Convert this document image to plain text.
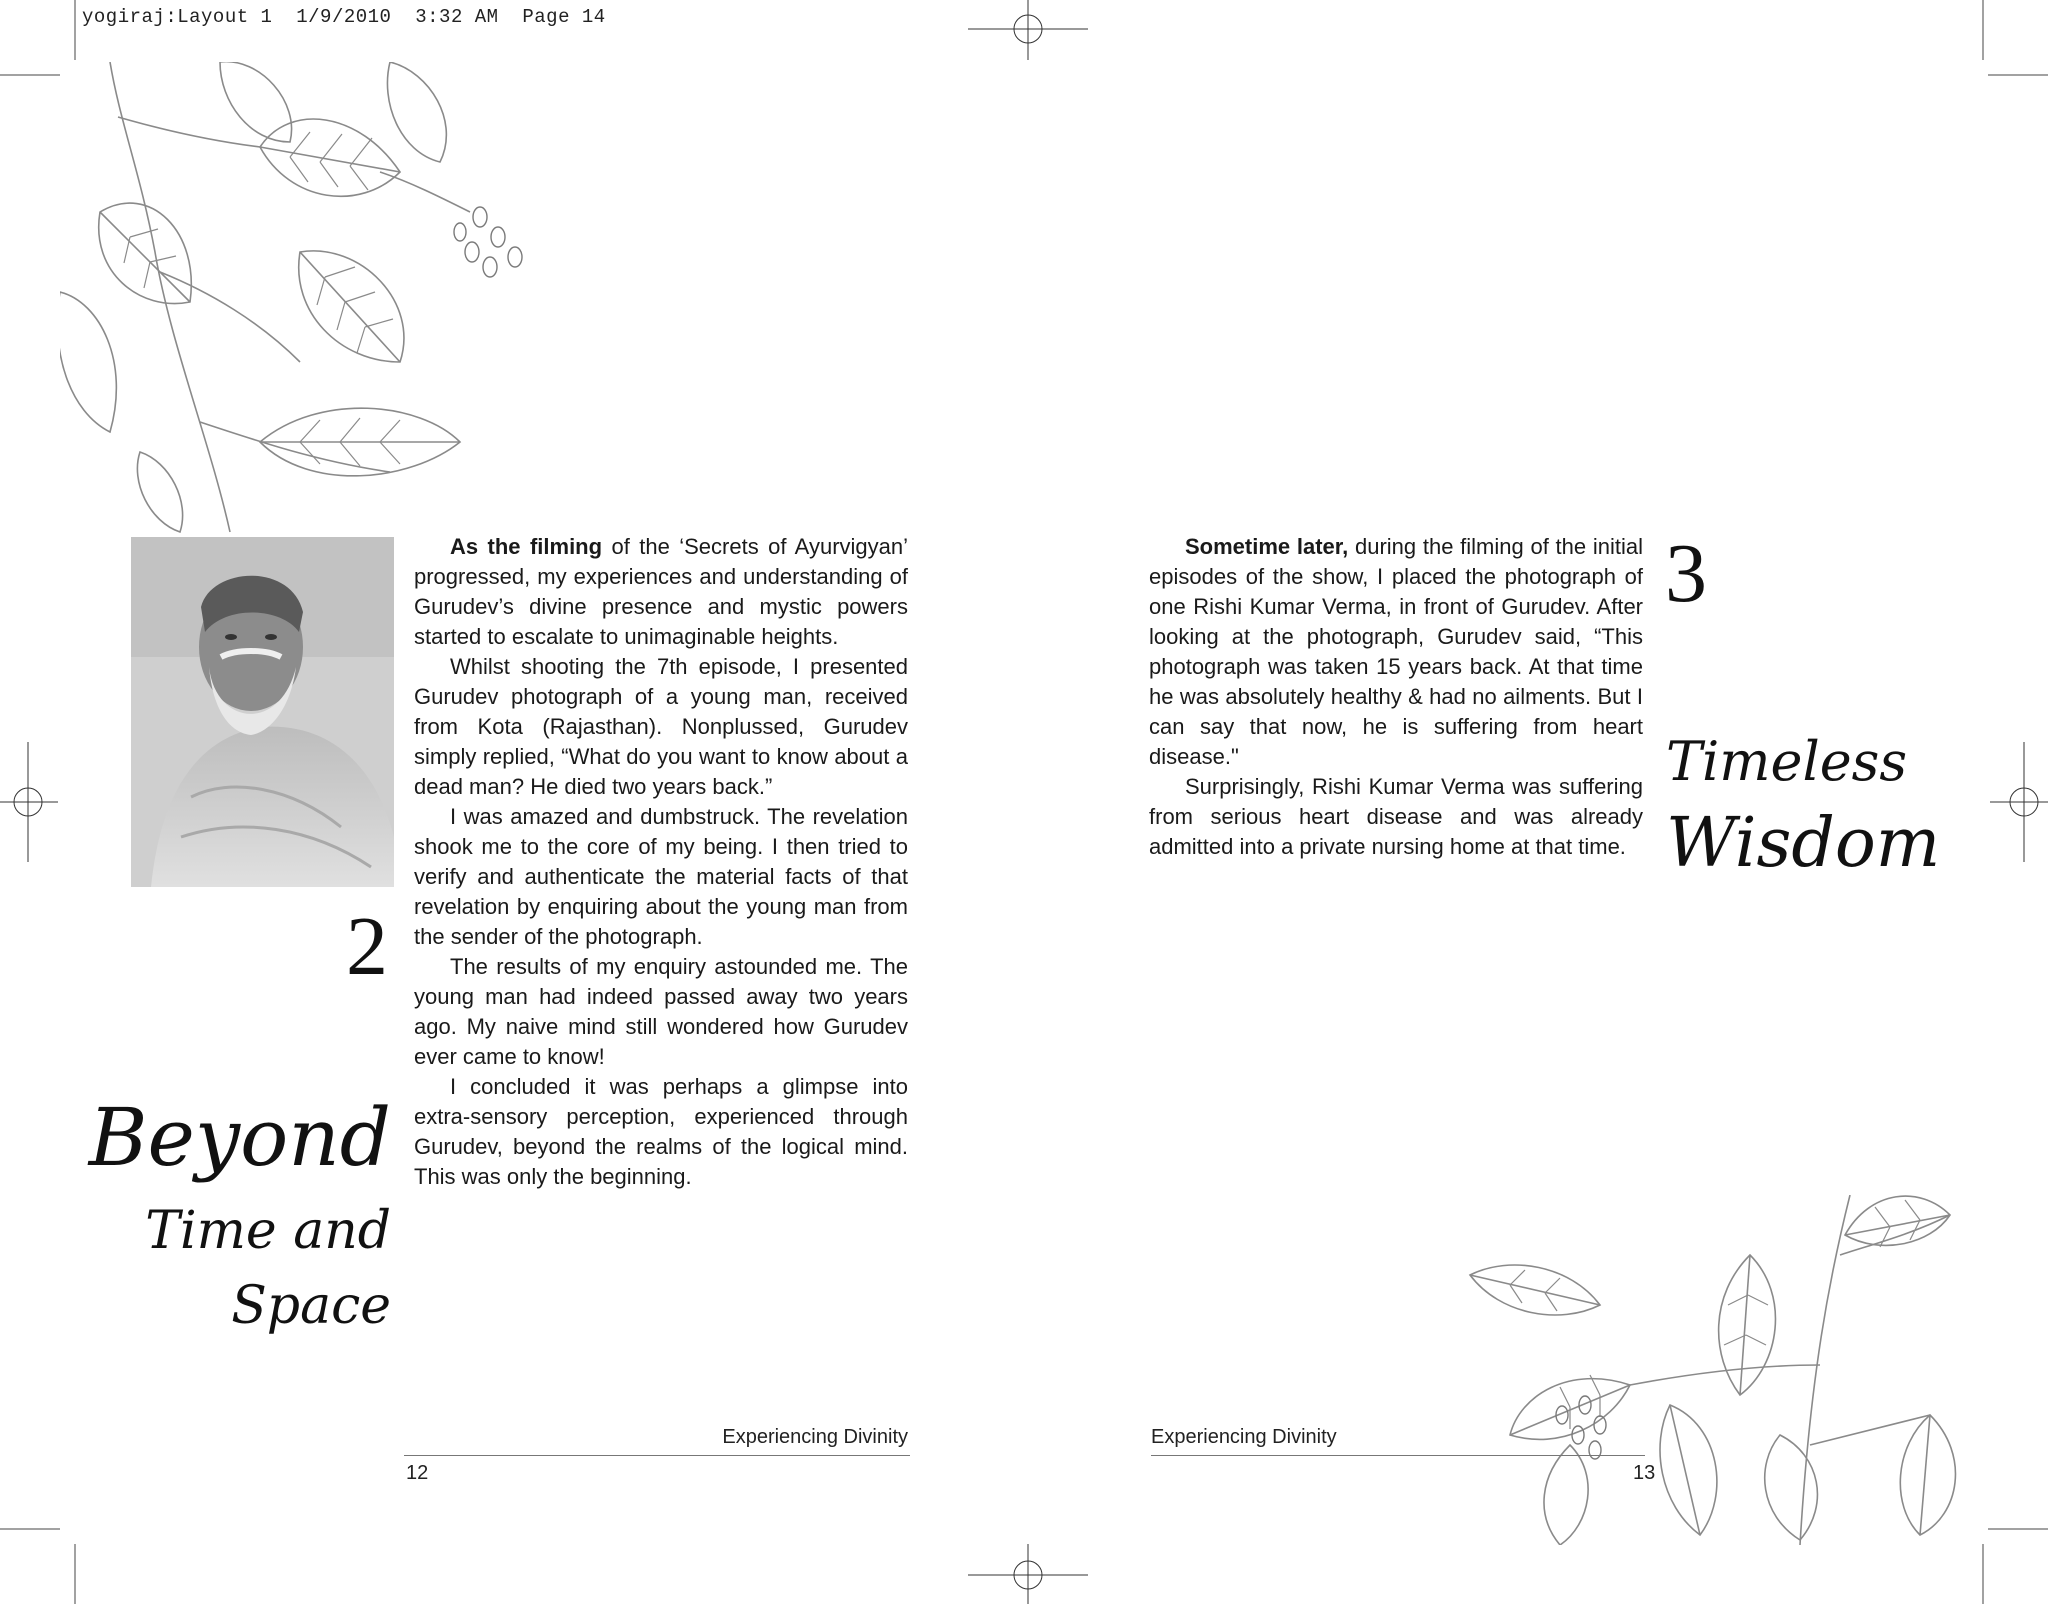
yogiraj:Layout 1  1/9/2010  3:32 AM  Page 14
2
Beyond
Time and
Space

As the filming of the ‘Secrets of Ayurvigyan’ progressed, my experiences and understanding of Gurudev’s divine presence and mystic powers started to escalate to unimaginable heights.

Whilst shooting the 7th episode, I presented Gurudev photograph of a young man, received from Kota (Rajasthan). Nonplussed, Gurudev simply replied, “What do you want to know about a dead man? He died two years back.”

I was amazed and dumbstruck. The revelation shook me to the core of my being. I then tried to verify and authenticate the material facts of that revelation by enquiring about the young man from the sender of the photograph.

The results of my enquiry astounded me. The young man had indeed passed away two years ago. My naive mind still wondered how Gurudev ever came to know!

I concluded it was perhaps a glimpse into extra-sensory perception, experienced through Gurudev, beyond the realms of the logical mind. This was only the beginning.

Experiencing Divinity
12

Sometime later, during the filming of the initial episodes of the show, I placed the photograph of one Rishi Kumar Verma, in front of Gurudev. After looking at the photograph, Gurudev said, “This photograph was taken 15 years back. At that time he was absolutely healthy & had no ailments. But I can say that now, he is suffering from heart disease."

Surprisingly, Rishi Kumar Verma was suffering from serious heart disease and was already admitted into a private nursing home at that time.

3
Timeless
Wisdom
Experiencing Divinity
13
